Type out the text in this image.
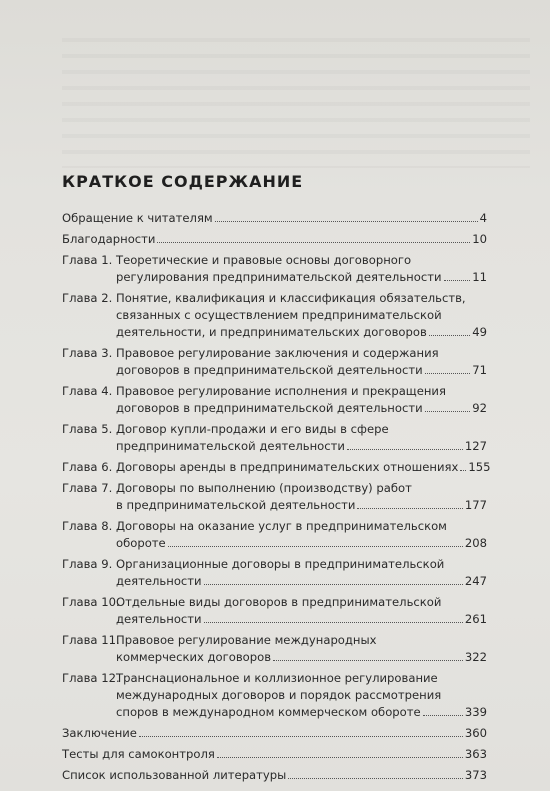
КРАТКОЕ СОДЕРЖАНИЕ
Обращение к читателям	4
Благодарности	10
Глава 1. Теоретические и правовые основы договорного
регулирования предпринимательской деятельности	11
Глава 2. Понятие, квалификация и классификация обязательств,
связанных с осуществлением предпринимательской
деятельности, и предпринимательских договоров	49
Глава 3. Правовое регулирование заключения и содержания
договоров в предпринимательской деятельности	71
Глава 4. Правовое регулирование исполнения и прекращения
договоров в предпринимательской деятельности	92
Глава 5. Договор купли-продажи и его виды в сфере
предпринимательской деятельности	127
Глава 6. Договоры аренды в предпринимательских отношениях 155
Глава 7. Договоры по выполнению (производству) работ
в предпринимательской деятельности	177
Глава 8. Договоры на оказание услуг в предпринимательском
обороте	208
Глава 9. Организационные договоры в предпринимательской
деятельности	247
Глава 10.
Отдельные виды договоров в предпринимательской
деятельности	261
Глава 11.
Правовое регулирование международных
коммерческих договоров	322
Глава 12.
Транснациональное и коллизионное регулирование
международных договоров и порядок рассмотрения
споров в международном коммерческом обороте	339
Заключение	360
Тесты для самоконтроля	363
Список использованной литературы	373
